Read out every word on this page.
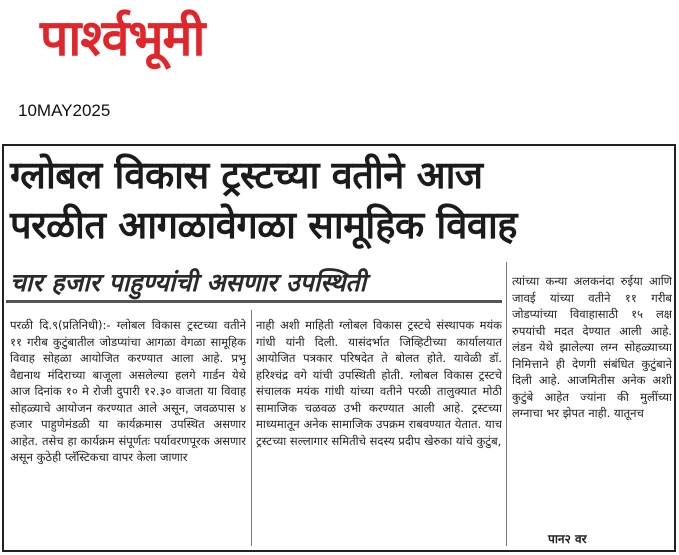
पार्श्वभूमी
10MAY2025
ग्लोबल विकास ट्रस्टच्या वतीने आज
परळीत आगळावेगळा सामूहिक विवाह
चार हजार पाहुण्यांची असणार उपस्थिती

परळी दि.९(प्रतिनिधी):- ग्लोबल विकास ट्रस्टच्या वतीने ११ गरीब कुटुंबातील जोडप्यांचा आगळा वेगळा सामूहिक विवाह सोहळा आयोजित करण्यात आला आहे. प्रभू वैद्यनाथ मंदिराच्या बाजूला असलेल्या हलगे गार्डन येथे आज दिनांक १० मे रोजी दुपारी १२.३० वाजता या विवाह सोहळ्याचे आयोजन करण्यात आले असून, जवळपास ४ हजार पाहुणेमंडळी या कार्यक्रमास उपस्थित असणार आहेत. तसेच हा कार्यक्रम संपूर्णतः पर्यावरणपूरक असणार असून कुठेही प्लॅस्टिकचा वापर केला जाणार

नाही अशी माहिती ग्लोबल विकास ट्रस्टचे संस्थापक मयंक गांधी यांनी दिली. यासंदर्भात जिव्हिटीच्या कार्यालयात आयोजित पत्रकार परिषदेत ते बोलत होते. यावेळी डॉ. हरिश्चंद्र वगे यांची उपस्थिती होती. ग्लोबल विकास ट्रस्टचे संचालक मयंक गांधी यांच्या वतीने परळी तालुक्यात मोठी सामाजिक चळवळ उभी करण्यात आली आहे. ट्रस्टच्या माध्यमातून अनेक सामाजिक उपक्रम राबवण्यात येतात. याच ट्रस्टच्या सल्लागार समितीचे सदस्य प्रदीप खेरुका यांचे कुटुंब,

त्यांच्या कन्या अलकनंदा रुईया आणि जावई यांच्या वतीने ११ गरीब जोडप्यांच्या विवाहासाठी १५ लक्ष रुपयांची मदत देण्यात आली आहे. लंडन येथे झालेल्या लग्न सोहळ्याच्या निमित्ताने ही देणगी संबंधित कुटुंबाने दिली आहे. आजमितीस अनेक अशी कुटुंबे आहेत ज्यांना की मुलींच्या लग्नाचा भर झेपत नाही. यातूनच

पान२ वर
